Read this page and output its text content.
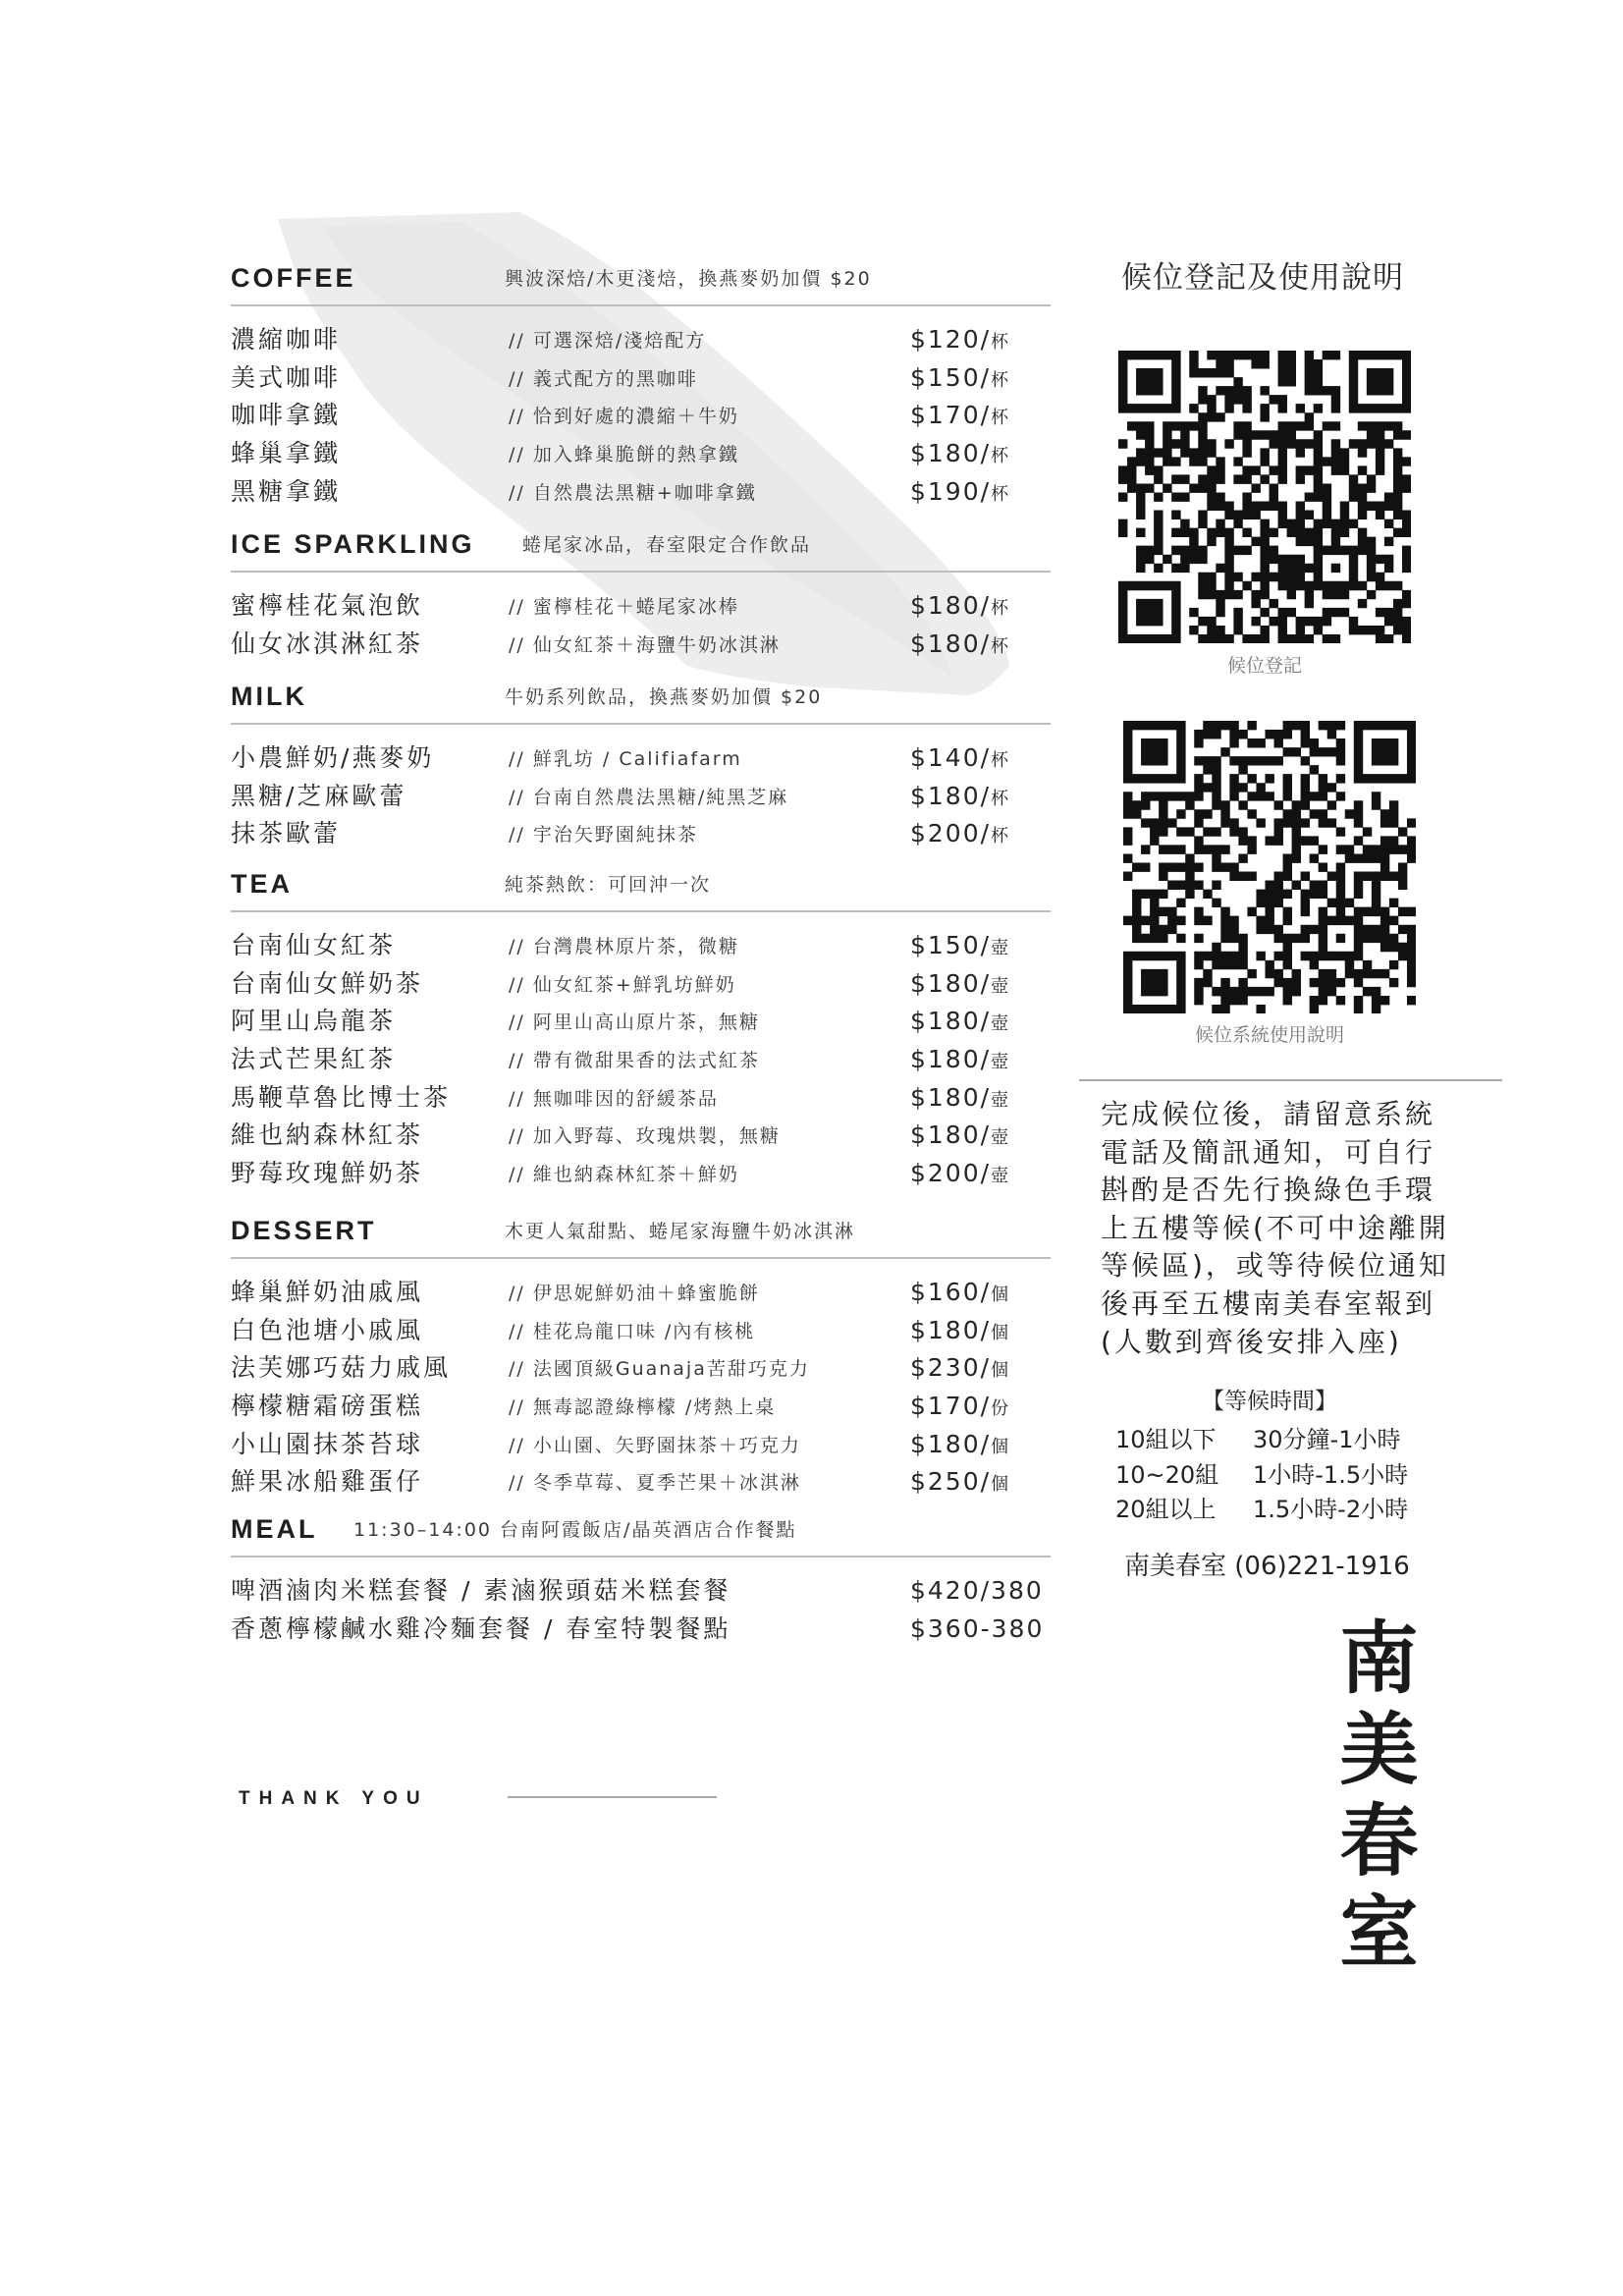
COFFEE	興波深焙/木更淺焙，換燕麥奶加價 $20
濃縮咖啡	// 可選深焙/淺焙配方	$120/杯
美式咖啡	// 義式配方的黑咖啡	$150/杯
咖啡拿鐵	// 恰到好處的濃縮＋牛奶	$170/杯
蜂巢拿鐵	// 加入蜂巢脆餅的熱拿鐵	$180/杯
黑糖拿鐵	// 自然農法黑糖+咖啡拿鐵	$190/杯
ICE SPARKLING	蜷尾家冰品，春室限定合作飲品
蜜檸桂花氣泡飲	// 蜜檸桂花＋蜷尾家冰棒	$180/杯
仙女冰淇淋紅茶	// 仙女紅茶＋海鹽牛奶冰淇淋	$180/杯
MILK	牛奶系列飲品，換燕麥奶加價 $20
小農鮮奶/燕麥奶	// 鮮乳坊 / Califiafarm	$140/杯
黑糖/芝麻歐蕾	// 台南自然農法黑糖/純黑芝麻	$180/杯
抹茶歐蕾	// 宇治矢野園純抹茶	$200/杯
TEA	純茶熱飲：可回沖一次
台南仙女紅茶	// 台灣農林原片茶，微糖	$150/壺
台南仙女鮮奶茶	// 仙女紅茶+鮮乳坊鮮奶	$180/壺
阿里山烏龍茶	// 阿里山高山原片茶，無糖	$180/壺
法式芒果紅茶	// 帶有微甜果香的法式紅茶	$180/壺
馬鞭草魯比博士茶	// 無咖啡因的舒緩茶品	$180/壺
維也納森林紅茶	// 加入野莓、玫瑰烘製，無糖	$180/壺
野莓玫瑰鮮奶茶	// 維也納森林紅茶＋鮮奶	$200/壺
DESSERT	木更人氣甜點、蜷尾家海鹽牛奶冰淇淋
蜂巢鮮奶油戚風	// 伊思妮鮮奶油＋蜂蜜脆餅	$160/個
白色池塘小戚風	// 桂花烏龍口味 /內有核桃	$180/個
法芙娜巧菇力戚風	// 法國頂級Guanaja苦甜巧克力	$230/個
檸檬糖霜磅蛋糕	// 無毒認證綠檸檬 /烤熱上桌	$170/份
小山園抹茶苔球	// 小山園、矢野園抹茶＋巧克力	$180/個
鮮果冰船雞蛋仔	// 冬季草莓、夏季芒果＋冰淇淋	$250/個
MEAL 11:30–14:00 台南阿霞飯店/晶英酒店合作餐點
啤酒滷肉米糕套餐 / 素滷猴頭菇米糕套餐	$420/380
香蔥檸檬鹹水雞冷麵套餐 / 春室特製餐點	$360-380
THANK YOU
候位登記及使用說明
候位登記
候位系統使用說明
完成候位後，請留意系統
電話及簡訊通知，可自行
斟酌是否先行換綠色手環
上五樓等候(不可中途離開
等候區)，或等待候位通知
後再至五樓南美春室報到
(人數到齊後安排入座)
【等候時間】
10組以下 30分鐘-1小時
10~20組 1小時-1.5小時
20組以上 1.5小時-2小時
南美春室 (06)221-1916
南美春室
